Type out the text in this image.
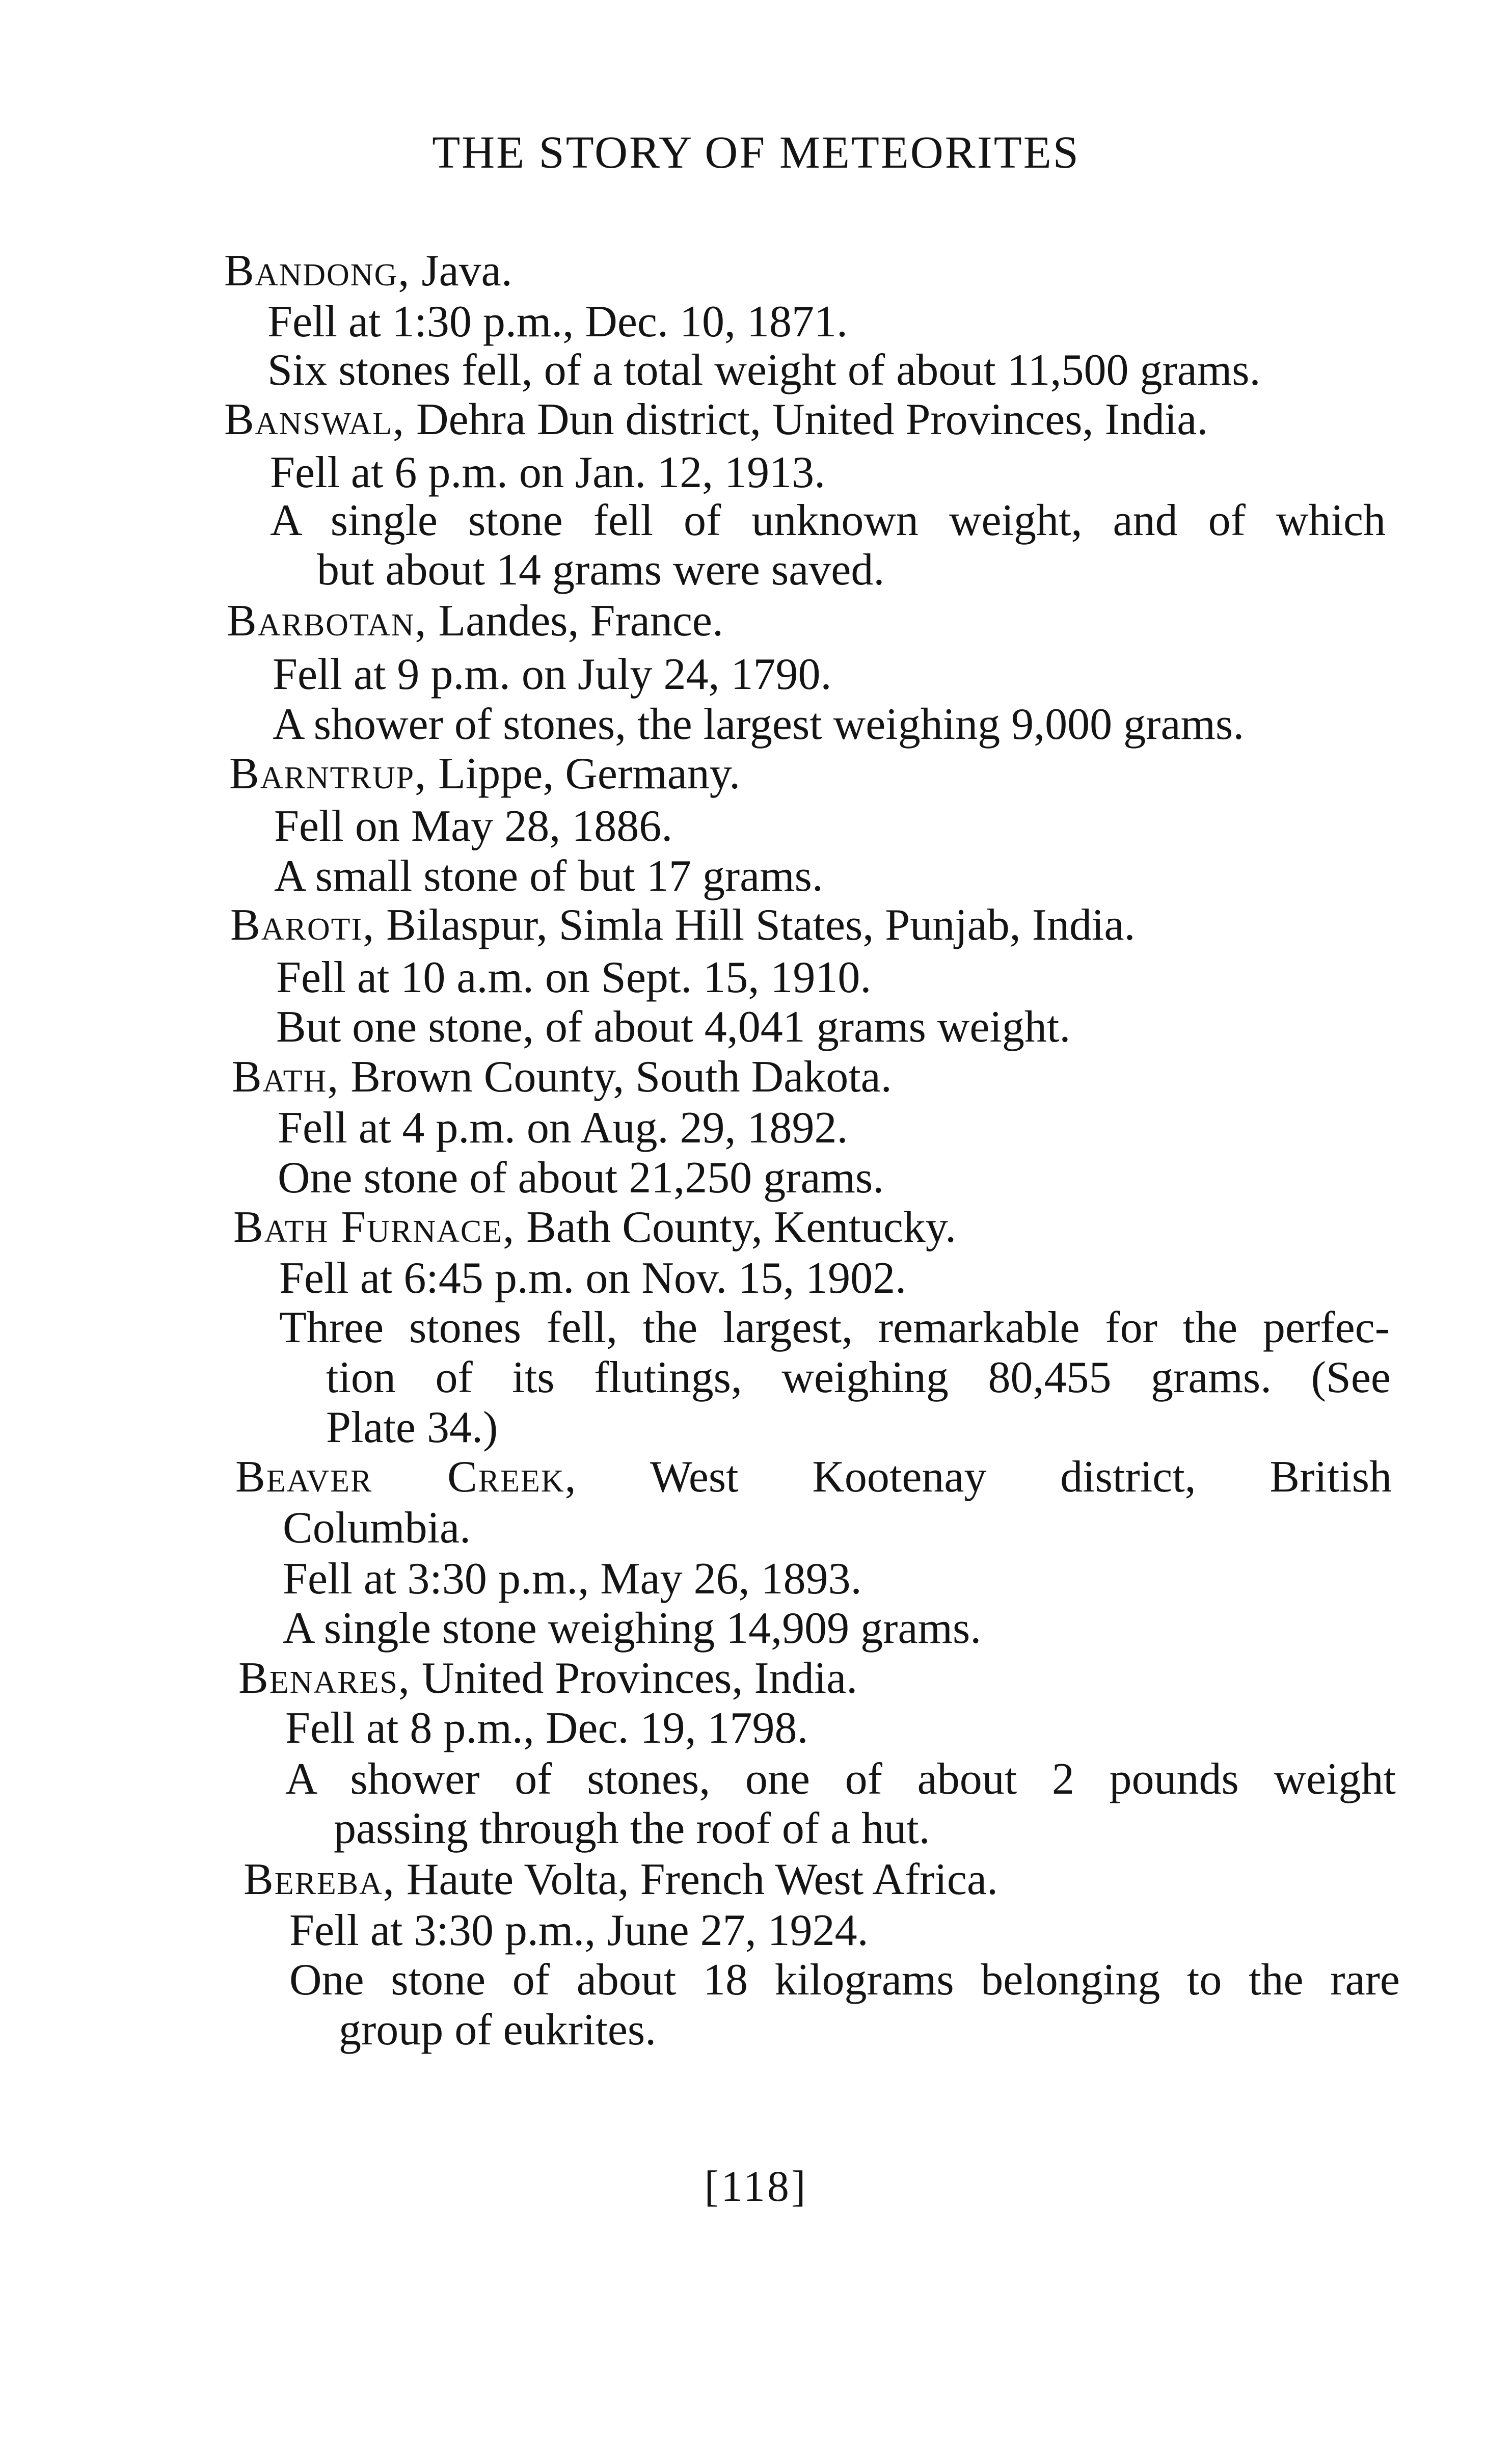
THE STORY OF METEORITES
Bandong, Java.
Fell at 1:30 p.m., Dec. 10, 1871.
Six stones fell, of a total weight of about 11,500 grams.
Banswal, Dehra Dun district, United Provinces, India.
Fell at 6 p.m. on Jan. 12, 1913.
A single stone fell of unknown weight, and of which
but about 14 grams were saved.
Barbotan, Landes, France.
Fell at 9 p.m. on July 24, 1790.
A shower of stones, the largest weighing 9,000 grams.
Barntrup, Lippe, Germany.
Fell on May 28, 1886.
A small stone of but 17 grams.
Baroti, Bilaspur, Simla Hill States, Punjab, India.
Fell at 10 a.m. on Sept. 15, 1910.
But one stone, of about 4,041 grams weight.
Bath, Brown County, South Dakota.
Fell at 4 p.m. on Aug. 29, 1892.
One stone of about 21,250 grams.
Bath Furnace, Bath County, Kentucky.
Fell at 6:45 p.m. on Nov. 15, 1902.
Three stones fell, the largest, remarkable for the perfec-
tion of its flutings, weighing 80,455 grams. (See
Plate 34.)
Beaver Creek, West Kootenay district, British
Columbia.
Fell at 3:30 p.m., May 26, 1893.
A single stone weighing 14,909 grams.
Benares, United Provinces, India.
Fell at 8 p.m., Dec. 19, 1798.
A shower of stones, one of about 2 pounds weight
passing through the roof of a hut.
Bereba, Haute Volta, French West Africa.
Fell at 3:30 p.m., June 27, 1924.
One stone of about 18 kilograms belonging to the rare
group of eukrites.
[118]
